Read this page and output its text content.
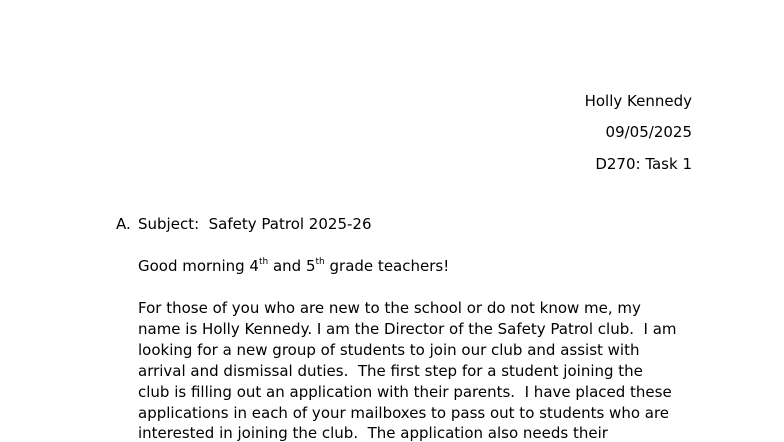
Holly Kennedy
09/05/2025
D270: Task 1
A. Subject:  Safety Patrol 2025-26
Good morning 4th and 5th grade teachers!
For those of you who are new to the school or do not know me, my
name is Holly Kennedy. I am the Director of the Safety Patrol club.  I am
looking for a new group of students to join our club and assist with
arrival and dismissal duties.  The first step for a student joining the
club is filling out an application with their parents.  I have placed these
applications in each of your mailboxes to pass out to students who are
interested in joining the club.  The application also needs their
